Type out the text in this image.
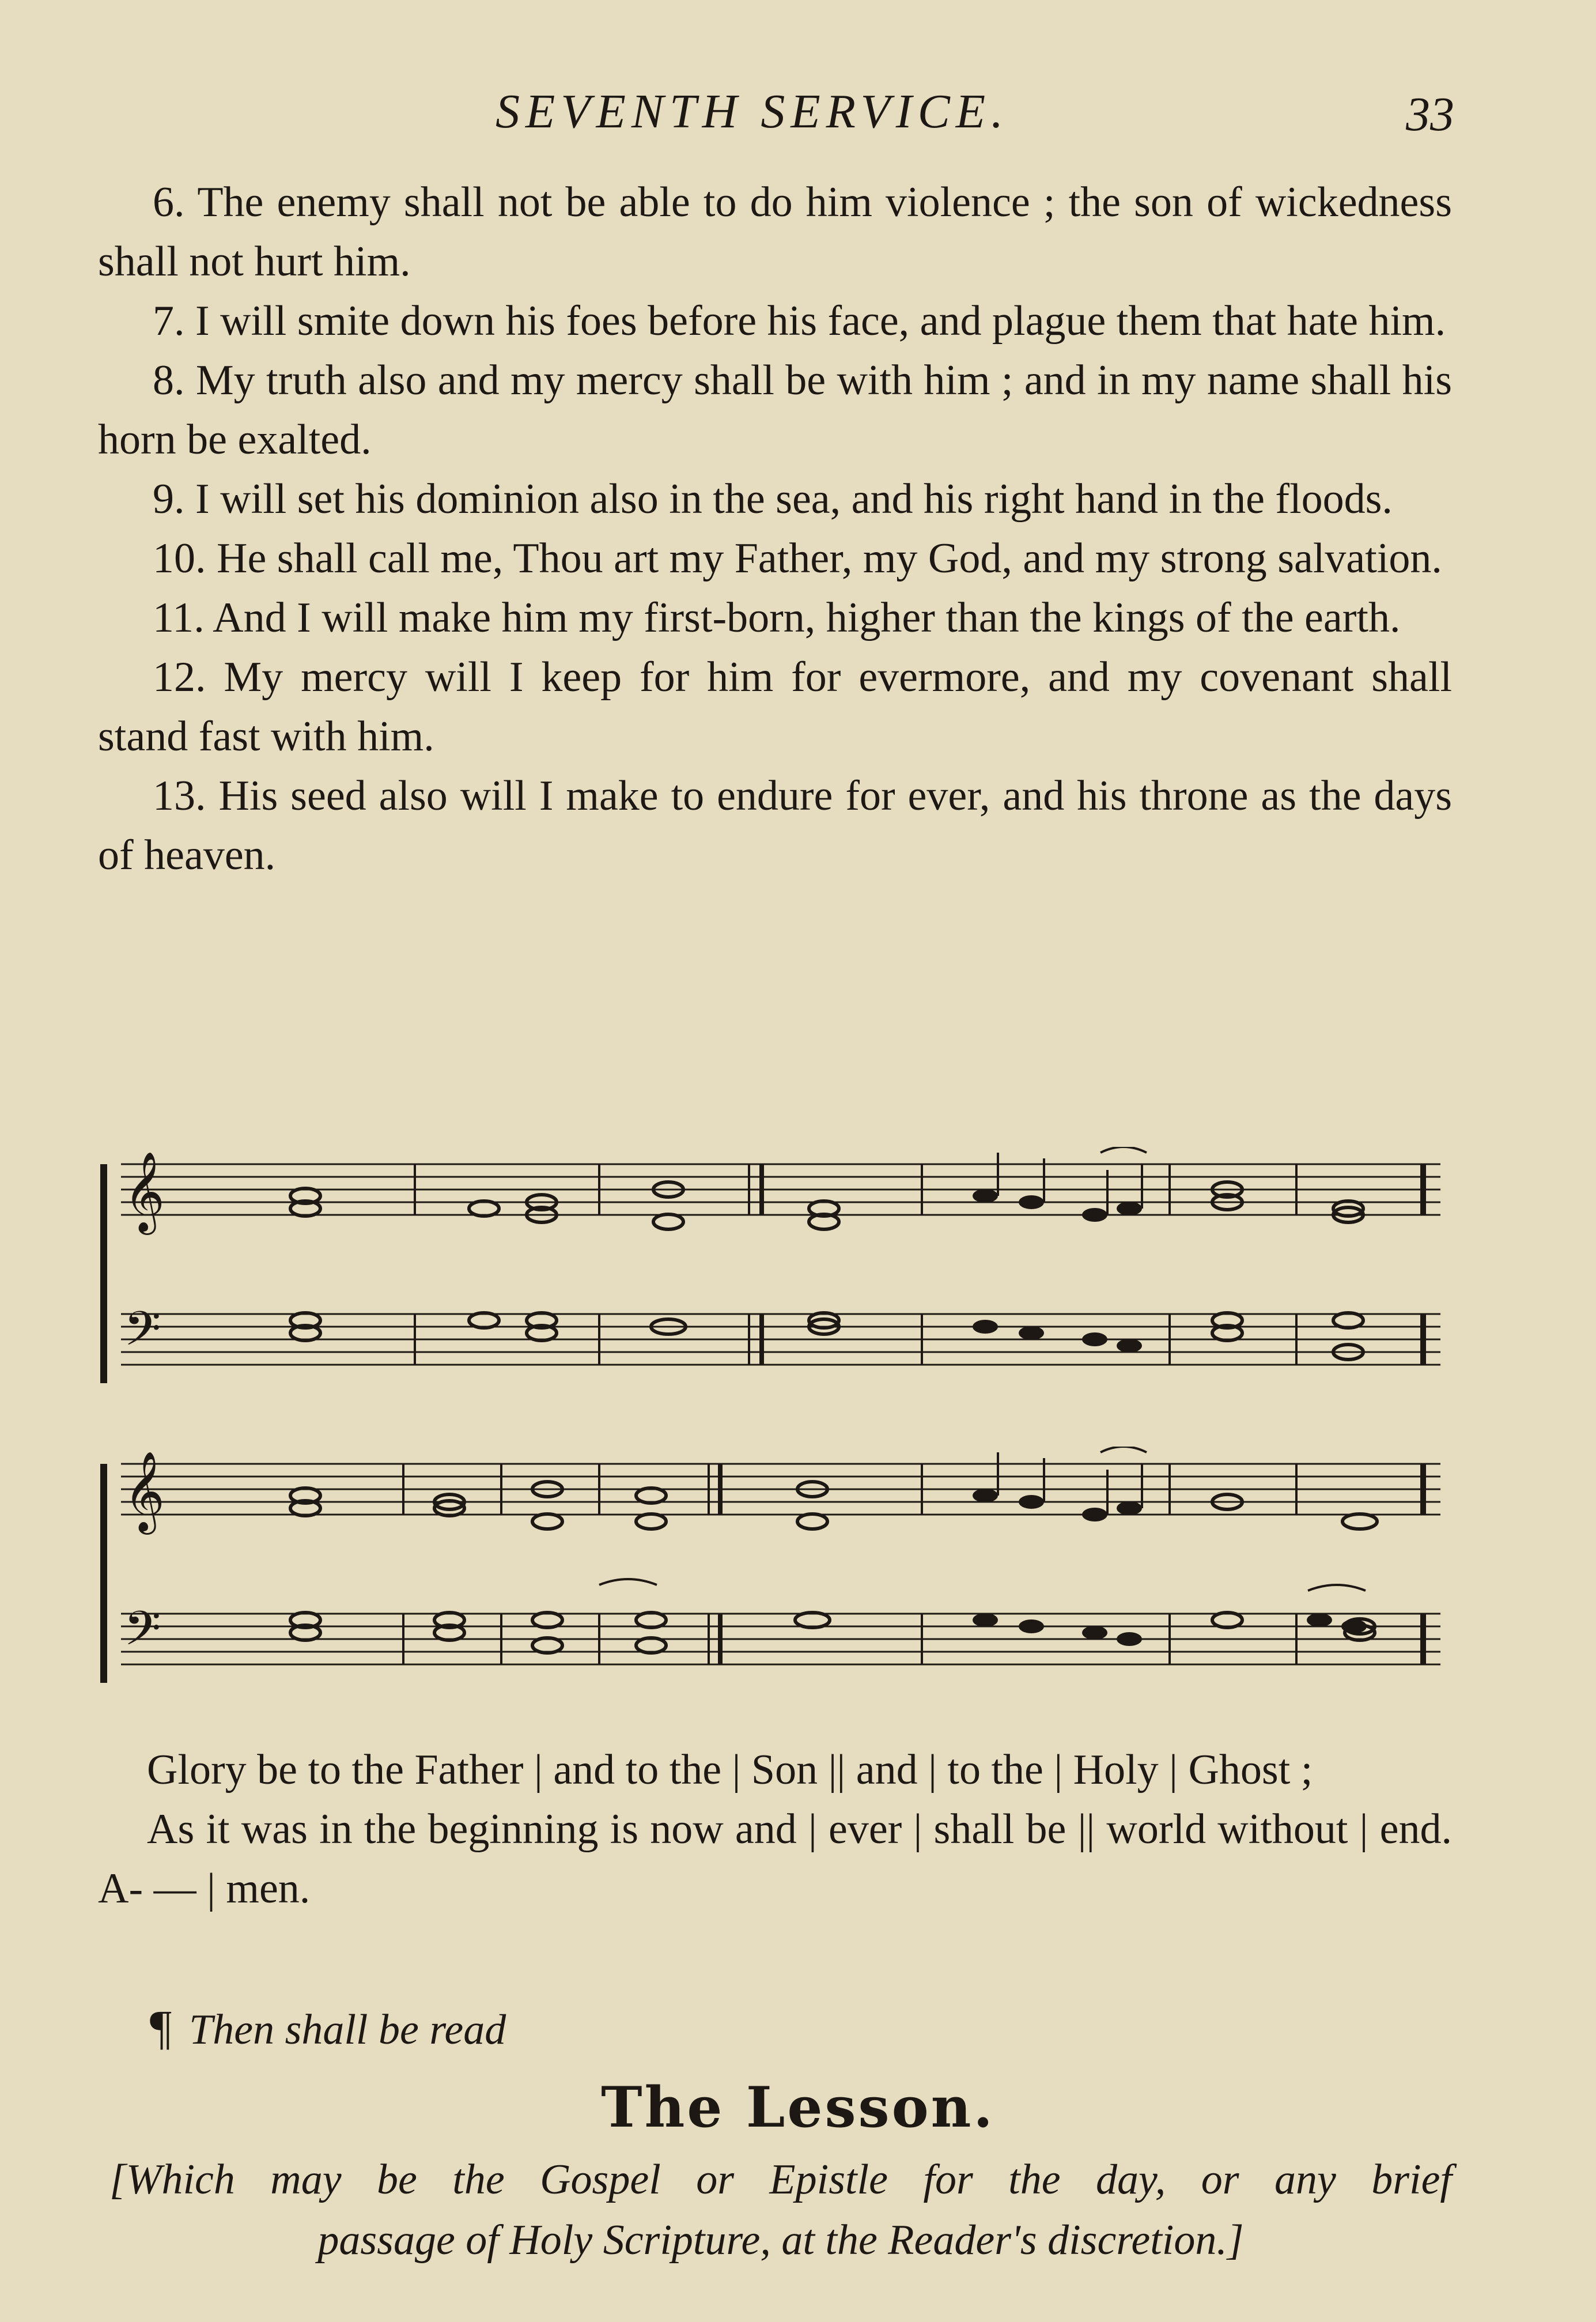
SEVENTH SERVICE.	33

6. The enemy shall not be able to do him violence ; the son of wickedness shall not hurt him.

7. I will smite down his foes before his face, and plague them that hate him.

8. My truth also and my mercy shall be with him ; and in my name shall his horn be exalted.

9. I will set his dominion also in the sea, and his right hand in the floods.

10. He shall call me, Thou art my Father, my God, and my strong salvation.

11. And I will make him my first-born, higher than the kings of the earth.

12. My mercy will I keep for him for evermore, and my covenant shall stand fast with him.

13. His seed also will I make to endure for ever, and his throne as the days of heaven.

𝄞
𝄢
𝄞
𝄢

Glory be to the Father | and to the | Son || and | to the | Holy | Ghost ;

As it was in the beginning is now and | ever | shall be || world without | end. A- — | men.

¶ Then shall be read
The Lesson.

[Which may be the Gospel or Epistle for the day, or any brief

passage of Holy Scripture, at the Reader's discretion.]
